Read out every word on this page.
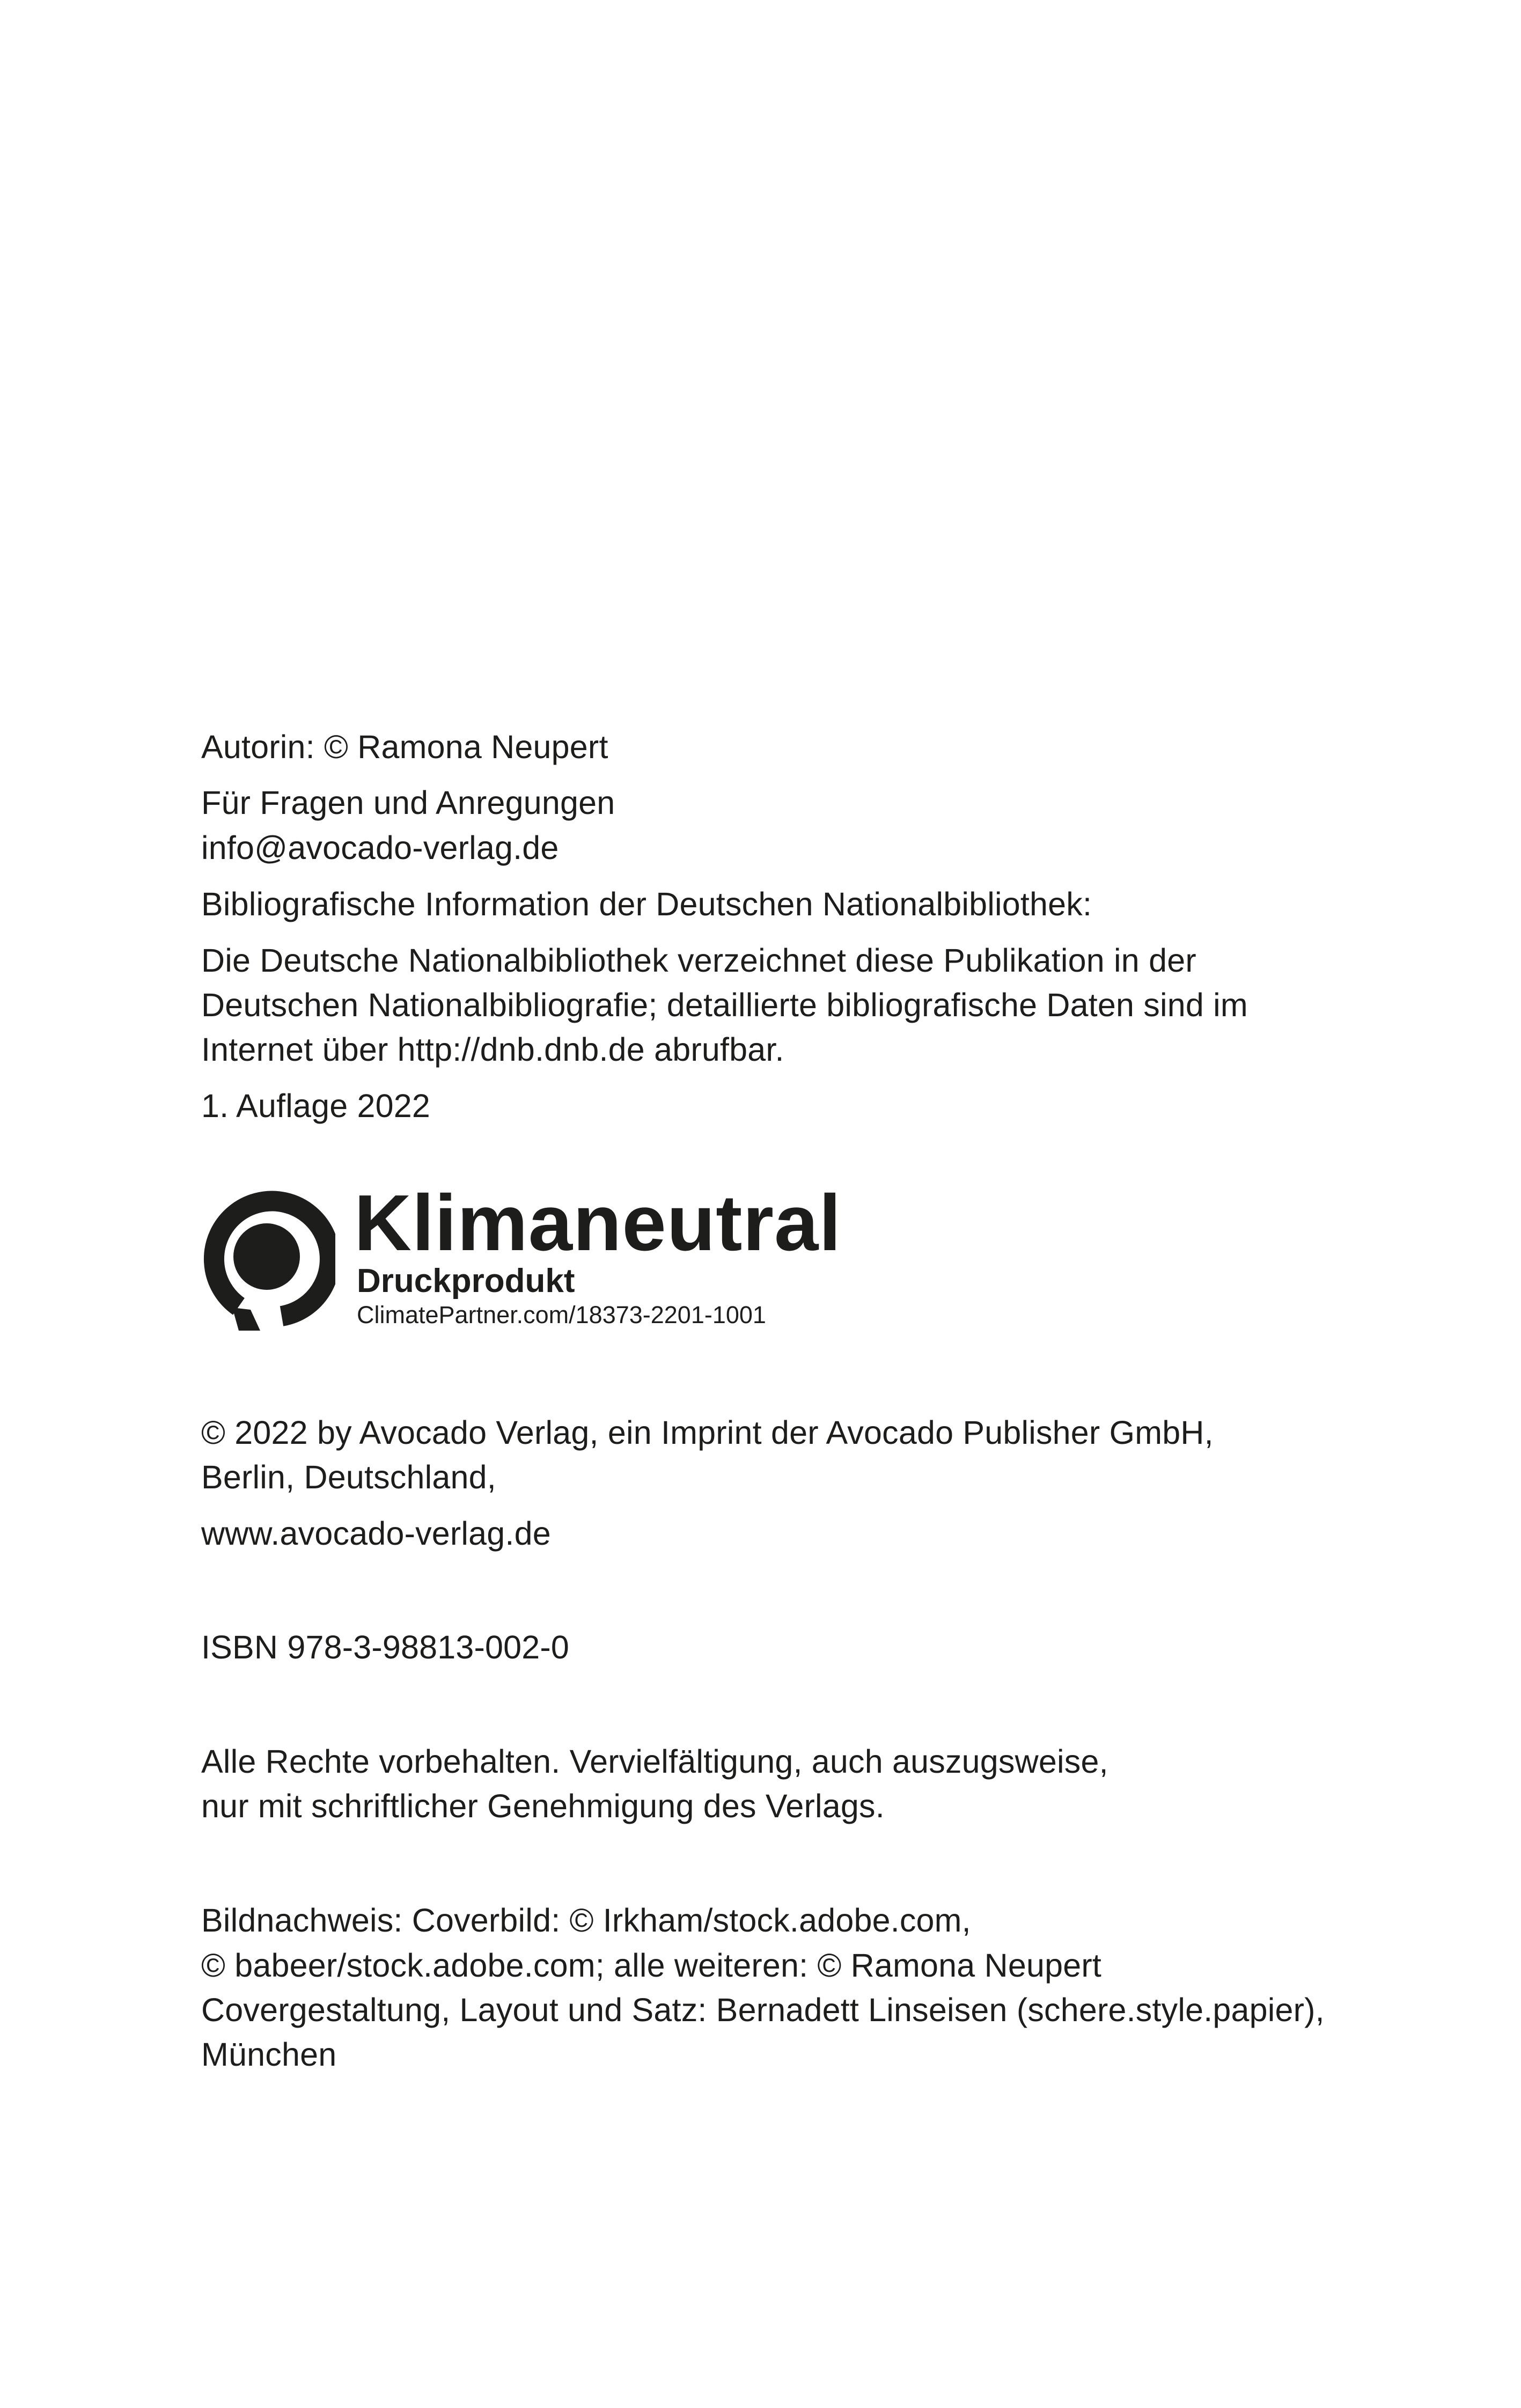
Autorin: © Ramona Neupert
Für Fragen und Anregungen
info@avocado-verlag.de
Bibliografische Information der Deutschen Nationalbibliothek:
Die Deutsche Nationalbibliothek verzeichnet diese Publikation in der
Deutschen Nationalbibliografie; detaillierte bibliografische Daten sind im
Internet über http://dnb.dnb.de abrufbar.
1. Auflage 2022
Klimaneutral
Druckprodukt
ClimatePartner.com/18373-2201-1001
© 2022 by Avocado Verlag, ein Imprint der Avocado Publisher GmbH,
Berlin, Deutschland,
www.avocado-verlag.de
ISBN 978-3-98813-002-0
Alle Rechte vorbehalten. Vervielfältigung, auch auszugsweise,
nur mit schriftlicher Genehmigung des Verlags.
Bildnachweis: Coverbild: © Irkham/stock.adobe.com,
© babeer/stock.adobe.com; alle weiteren: © Ramona Neupert
Covergestaltung, Layout und Satz: Bernadett Linseisen (schere.style.papier),
München
